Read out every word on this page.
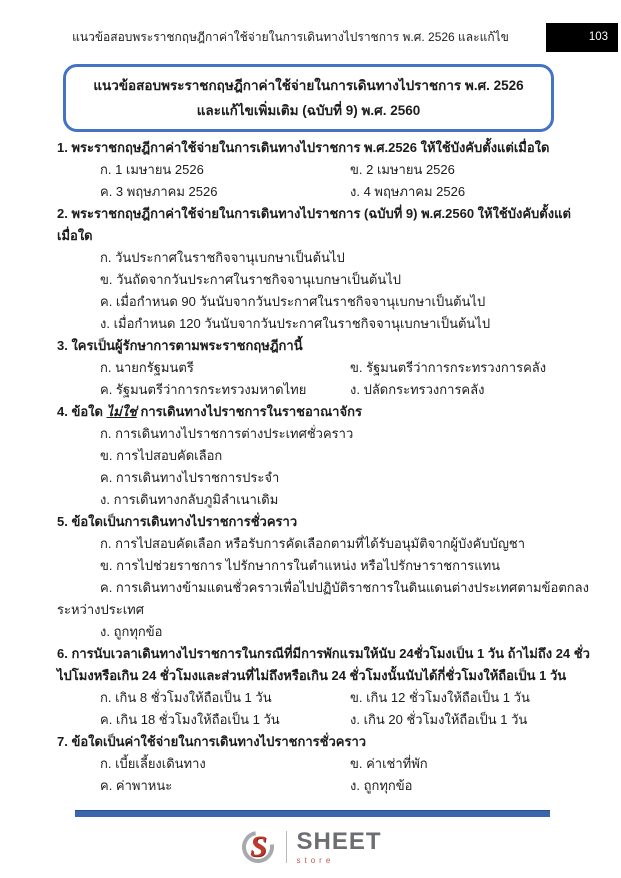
แนวข้อสอบพระราชกฤษฎีกาค่าใช้จ่ายในการเดินทางไปราชการ พ.ศ. 2526 และแก้ไข	103
แนวข้อสอบพระราชกฤษฎีกาค่าใช้จ่ายในการเดินทางไปราชการ พ.ศ. 2526 และแก้ไขเพิ่มเติม (ฉบับที่ 9) พ.ศ. 2560
1. พระราชกฤษฎีกาค่าใช้จ่ายในการเดินทางไปราชการ พ.ศ.2526 ให้ใช้บังคับตั้งแต่เมื่อใด
ก. 1 เมษายน 2526	ข. 2 เมษายน 2526
ค. 3 พฤษภาคม 2526	ง. 4 พฤษภาคม 2526
2. พระราชกฤษฎีกาค่าใช้จ่ายในการเดินทางไปราชการ (ฉบับที่ 9) พ.ศ.2560 ให้ใช้บังคับตั้งแต่เมื่อใด
ก. วันประกาศในราชกิจจานุเบกษาเป็นต้นไป
ข. วันถัดจากวันประกาศในราชกิจจานุเบกษาเป็นต้นไป
ค. เมื่อกำหนด 90 วันนับจากวันประกาศในราชกิจจานุเบกษาเป็นต้นไป
ง. เมื่อกำหนด 120 วันนับจากวันประกาศในราชกิจจานุเบกษาเป็นต้นไป
3. ใครเป็นผู้รักษาการตามพระราชกฤษฎีกานี้
ก. นายกรัฐมนตรี	ข. รัฐมนตรีว่าการกระทรวงการคลัง
ค. รัฐมนตรีว่าการกระทรวงมหาดไทย	ง. ปลัดกระทรวงการคลัง
4. ข้อใด ไม่ใช่ การเดินทางไปราชการในราชอาณาจักร
ก. การเดินทางไปราชการต่างประเทศชั่วคราว
ข. การไปสอบคัดเลือก
ค. การเดินทางไปราชการประจำ
ง. การเดินทางกลับภูมิลำเนาเดิม
5. ข้อใดเป็นการเดินทางไปราชการชั่วคราว
ก. การไปสอบคัดเลือก หรือรับการคัดเลือกตามที่ได้รับอนุมัติจากผู้บังคับบัญชา
ข. การไปช่วยราชการ ไปรักษาการในตำแหน่ง หรือไปรักษาราชการแทน
ค. การเดินทางข้ามแดนชั่วคราวเพื่อไปปฏิบัติราชการในดินแดนต่างประเทศตามข้อตกลงระหว่างประเทศ
ง. ถูกทุกข้อ
6. การนับเวลาเดินทางไปราชการในกรณีที่มีการพักแรมให้นับ 24ชั่วโมงเป็น 1 วัน ถ้าไม่ถึง 24 ชั่วไปโมงหรือเกิน 24 ชั่วโมงและส่วนที่ไม่ถึงหรือเกิน 24 ชั่วโมงนั้นนับได้กี่ชั่วโมงให้ถือเป็น 1 วัน
ก. เกิน 8 ชั่วโมงให้ถือเป็น 1 วัน	ข. เกิน 12 ชั่วโมงให้ถือเป็น 1 วัน
ค. เกิน 18 ชั่วโมงให้ถือเป็น 1 วัน	ง. เกิน 20 ชั่วโมงให้ถือเป็น 1 วัน
7. ข้อใดเป็นค่าใช้จ่ายในการเดินทางไปราชการชั่วคราว
ก. เบี้ยเลี้ยงเดินทาง	ข. ค่าเช่าที่พัก
ค. ค่าพาหนะ	ง. ถูกทุกข้อ
S	SHEET
store
